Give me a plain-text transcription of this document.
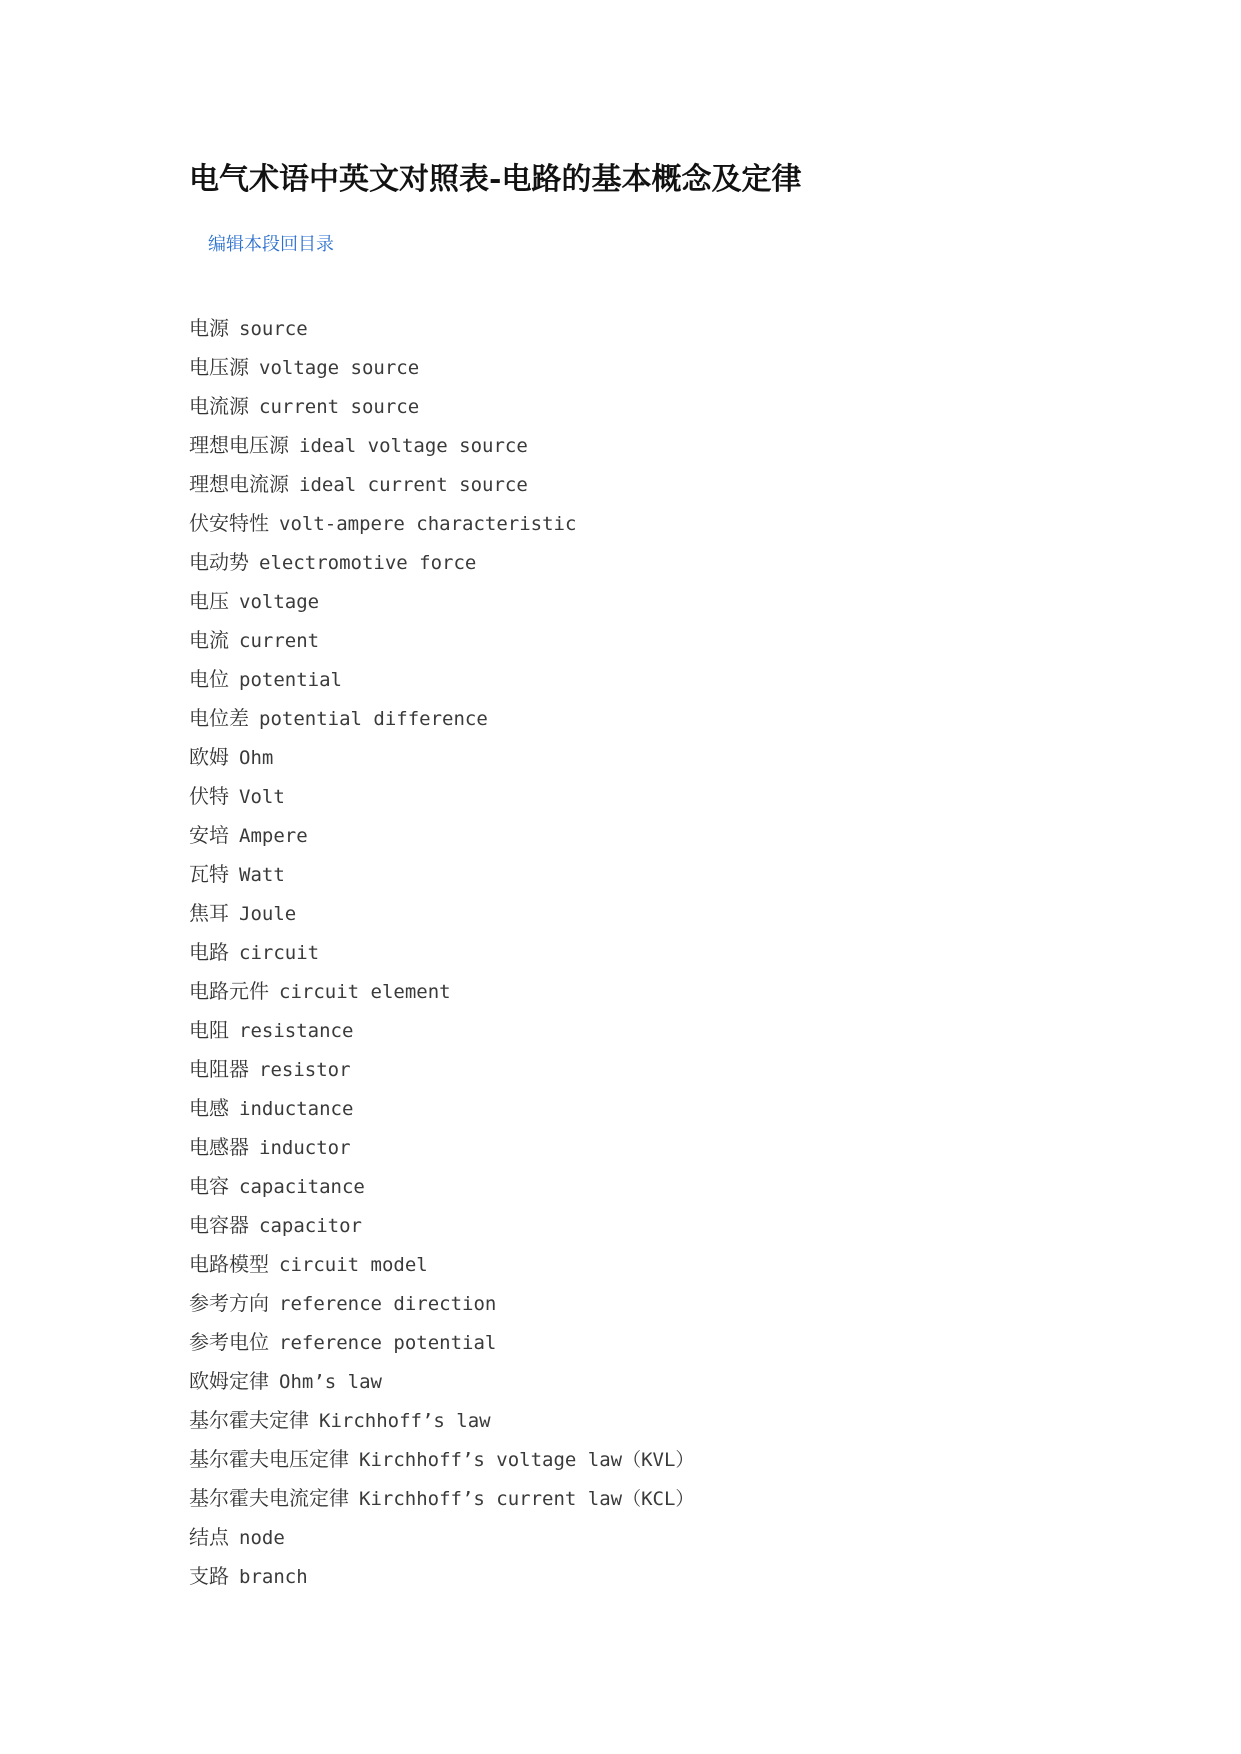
电气术语中英文对照表-电路的基本概念及定律
编辑本段回目录
电源 source
电压源 voltage source
电流源 current source
理想电压源 ideal voltage source
理想电流源 ideal current source
伏安特性 volt-ampere characteristic
电动势 electromotive force
电压 voltage
电流 current
电位 potential
电位差 potential difference
欧姆 Ohm
伏特 Volt
安培 Ampere
瓦特 Watt
焦耳 Joule
电路 circuit
电路元件 circuit element
电阻 resistance
电阻器 resistor
电感 inductance
电感器 inductor
电容 capacitance
电容器 capacitor
电路模型 circuit model
参考方向 reference direction
参考电位 reference potential
欧姆定律 Ohm’s law
基尔霍夫定律 Kirchhoff’s law
基尔霍夫电压定律 Kirchhoff’s voltage law（KVL）
基尔霍夫电流定律 Kirchhoff’s current law（KCL）
结点 node
支路 branch
